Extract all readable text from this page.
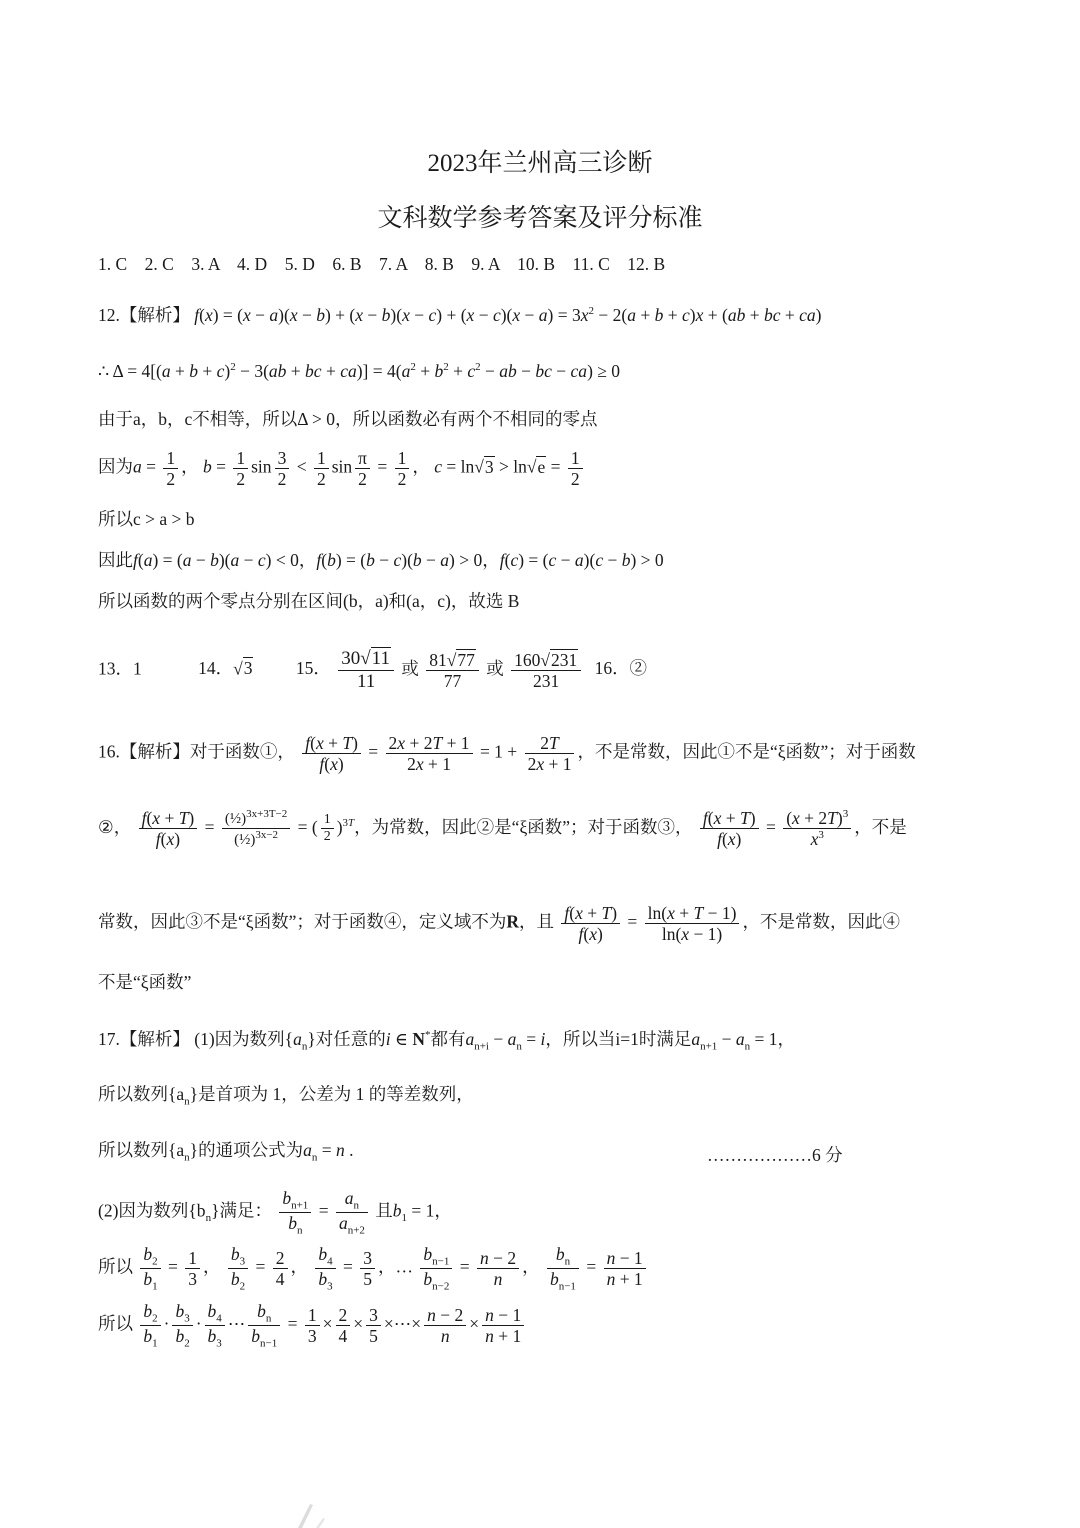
2023年兰州高三诊断
文科数学参考答案及评分标准
1. C　2. C　3. A　4. D　5. D　6. B　7. A　8. B　9. A　10. B　11. C　12. B
12.【解析】 $f(x) = (x - a)(x - b) + (x - b)(x - c) + (x - c)(x - a) = 3x^2 - 2(a + b + c)x + (ab$ + bc + ca)
∴ $\Delta = 4[(a + b + c)^2 - 3(ab$ + bc + $ca)] = 4(a^2 + b^2 + c^2$ − ab − bc − ca) ≥ 0
由于a，b，c不相等，所以Δ > 0，所以函数必有两个不相同的零点
因为$a = \frac{1}{2}$ ， $b = \frac{1}{2}$ $\sin \frac{3}{2} < \frac{1}{2}$ $\sin \frac{\pi}{2} = \frac{1}{2}$ ， $c = \ln√3 > \ln√e = \frac{1}{2}$
所以c > a > b
因此f(a) = (a − b)(a − c) < 0，f(b) = (b − c)(b − a) > 0，f(c) = (c − a)(c − b) > 0
所以函数的两个零点分别在区间(b，a)和(a，c)，故选 B
13．1	14．√3 15． $\frac{30√11}{11}$ 或 $\frac{81√77}{77}$ 或 $\frac{160√231}{231} 16$．②
16.【解析】对于函数①， $\frac{f(x + T)}{f(x)} = \frac{2x + 2T + 1}{2x + 1} = 1 + \frac{2T}{2x + 1}$ ，不是常数，因此①不是“ξ函数”；对于函数
②， $\frac{f(x + T)}{f(x)} = \frac{(\frac{1}{2})^{3x+3T-2}}{(\frac{1}{2})^{3x-2}}$ = ( $\frac{1}{2} )^{3T}$，为常数，因此②是“ξ函数”；对于函数③， $\frac{f(x + T)}{f(x)} = \frac{(x + 2T)^3}{x^3}$ ，不是
常数，因此③不是“ξ函数”；对于函数④，定义域不为R，且 $\frac{f(x + T)}{f(x)} = \frac{\ln(x + T - 1)}{\ln(x - 1)}$ ，不是常数，因此④
不是“ξ函数”
17.【解析】 (1)因为数列$\{a_n\}$对任意的i ∈ N*都有$a_{n+i} - a_n = i$，所以当i=1时满足$a_{n+1} - a_n = 1$，
所以数列$\{a_n\}$是首项为 1，公差为 1 的等差数列，
所以数列$\{a_n\}$的通项公式为$a_n = n$ .	………………6 分
(2)因为数列$\{b_n\}$满足： $\frac{b_{n+1}}{b_n} = \frac{a_n}{a_{n+2}}$ 且$b_1 = 1$，
所以 $\frac{b_2}{b_1} = \frac{1}{3}$ ， $\frac{b_3}{b_2} = \frac{2}{4}$ ， $\frac{b_4}{b_3} = \frac{3}{5}$ ，… $\frac{b_{n-1}}{b_{n-2}} = \frac{n - 2}{n}$ ， $\frac{b_n}{b_{n-1}} = \frac{n - 1}{n + 1}$
所以 $\frac{b_2}{b_1} \cdot \frac{b_3}{b_2} \cdot \frac{b_4}{b_3}$ ⋯ $\frac{b_n}{b_{n-1}} = \frac{1}{3} \times \frac{2}{4} \times \frac{3}{5}$ ×⋯× $\frac{n - 2}{n} \times \frac{n - 1}{n + 1}$
